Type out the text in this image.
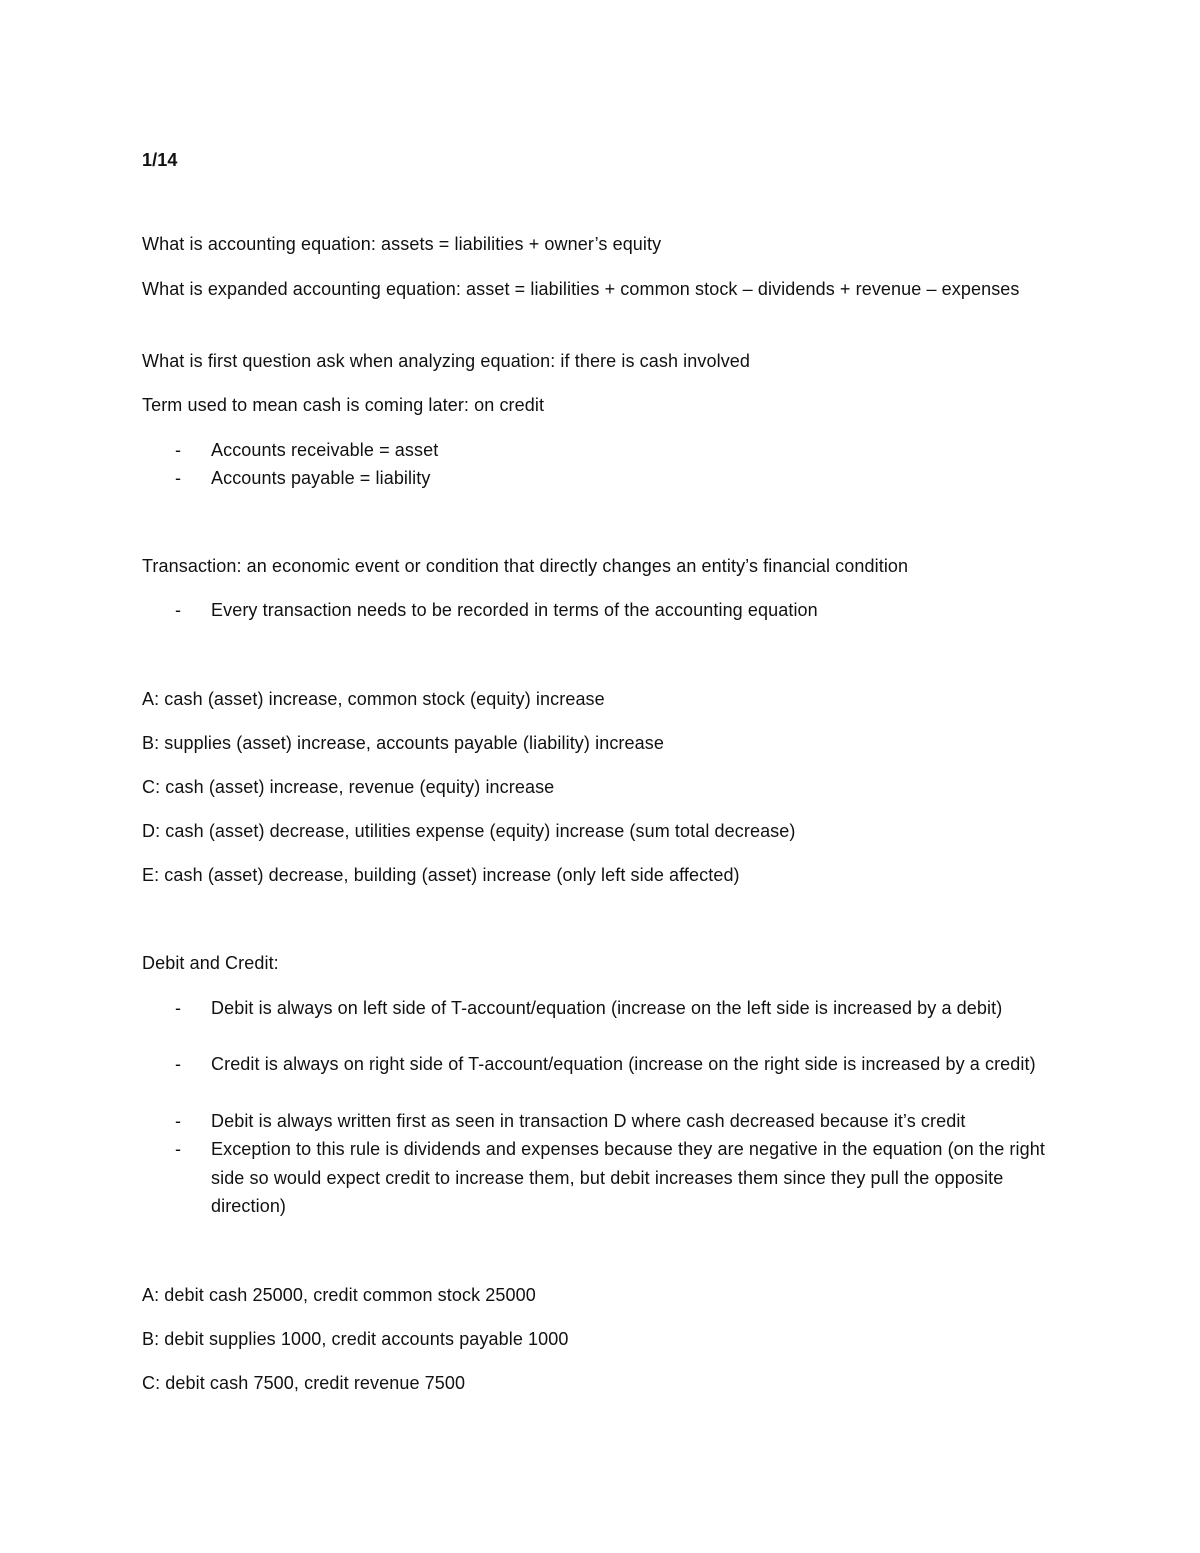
1/14
What is accounting equation: assets = liabilities + owner’s equity
What is expanded accounting equation: asset = liabilities + common stock – dividends + revenue – expenses
What is first question ask when analyzing equation: if there is cash involved
Term used to mean cash is coming later: on credit
- Accounts receivable = asset
- Accounts payable = liability
Transaction: an economic event or condition that directly changes an entity’s financial condition
- Every transaction needs to be recorded in terms of the accounting equation
A: cash (asset) increase, common stock (equity) increase
B: supplies (asset) increase, accounts payable (liability) increase
C: cash (asset) increase, revenue (equity) increase
D: cash (asset) decrease, utilities expense (equity) increase (sum total decrease)
E: cash (asset) decrease, building (asset) increase (only left side affected)
Debit and Credit:
- Debit is always on left side of T-account/equation (increase on the left side is increased by a debit)
- Credit is always on right side of T-account/equation (increase on the right side is increased by a credit)
- Debit is always written first as seen in transaction D where cash decreased because it’s credit
- Exception to this rule is dividends and expenses because they are negative in the equation (on the right side so would expect credit to increase them, but debit increases them since they pull the opposite direction)
A: debit cash 25000, credit common stock 25000
B: debit supplies 1000, credit accounts payable 1000
C: debit cash 7500, credit revenue 7500
